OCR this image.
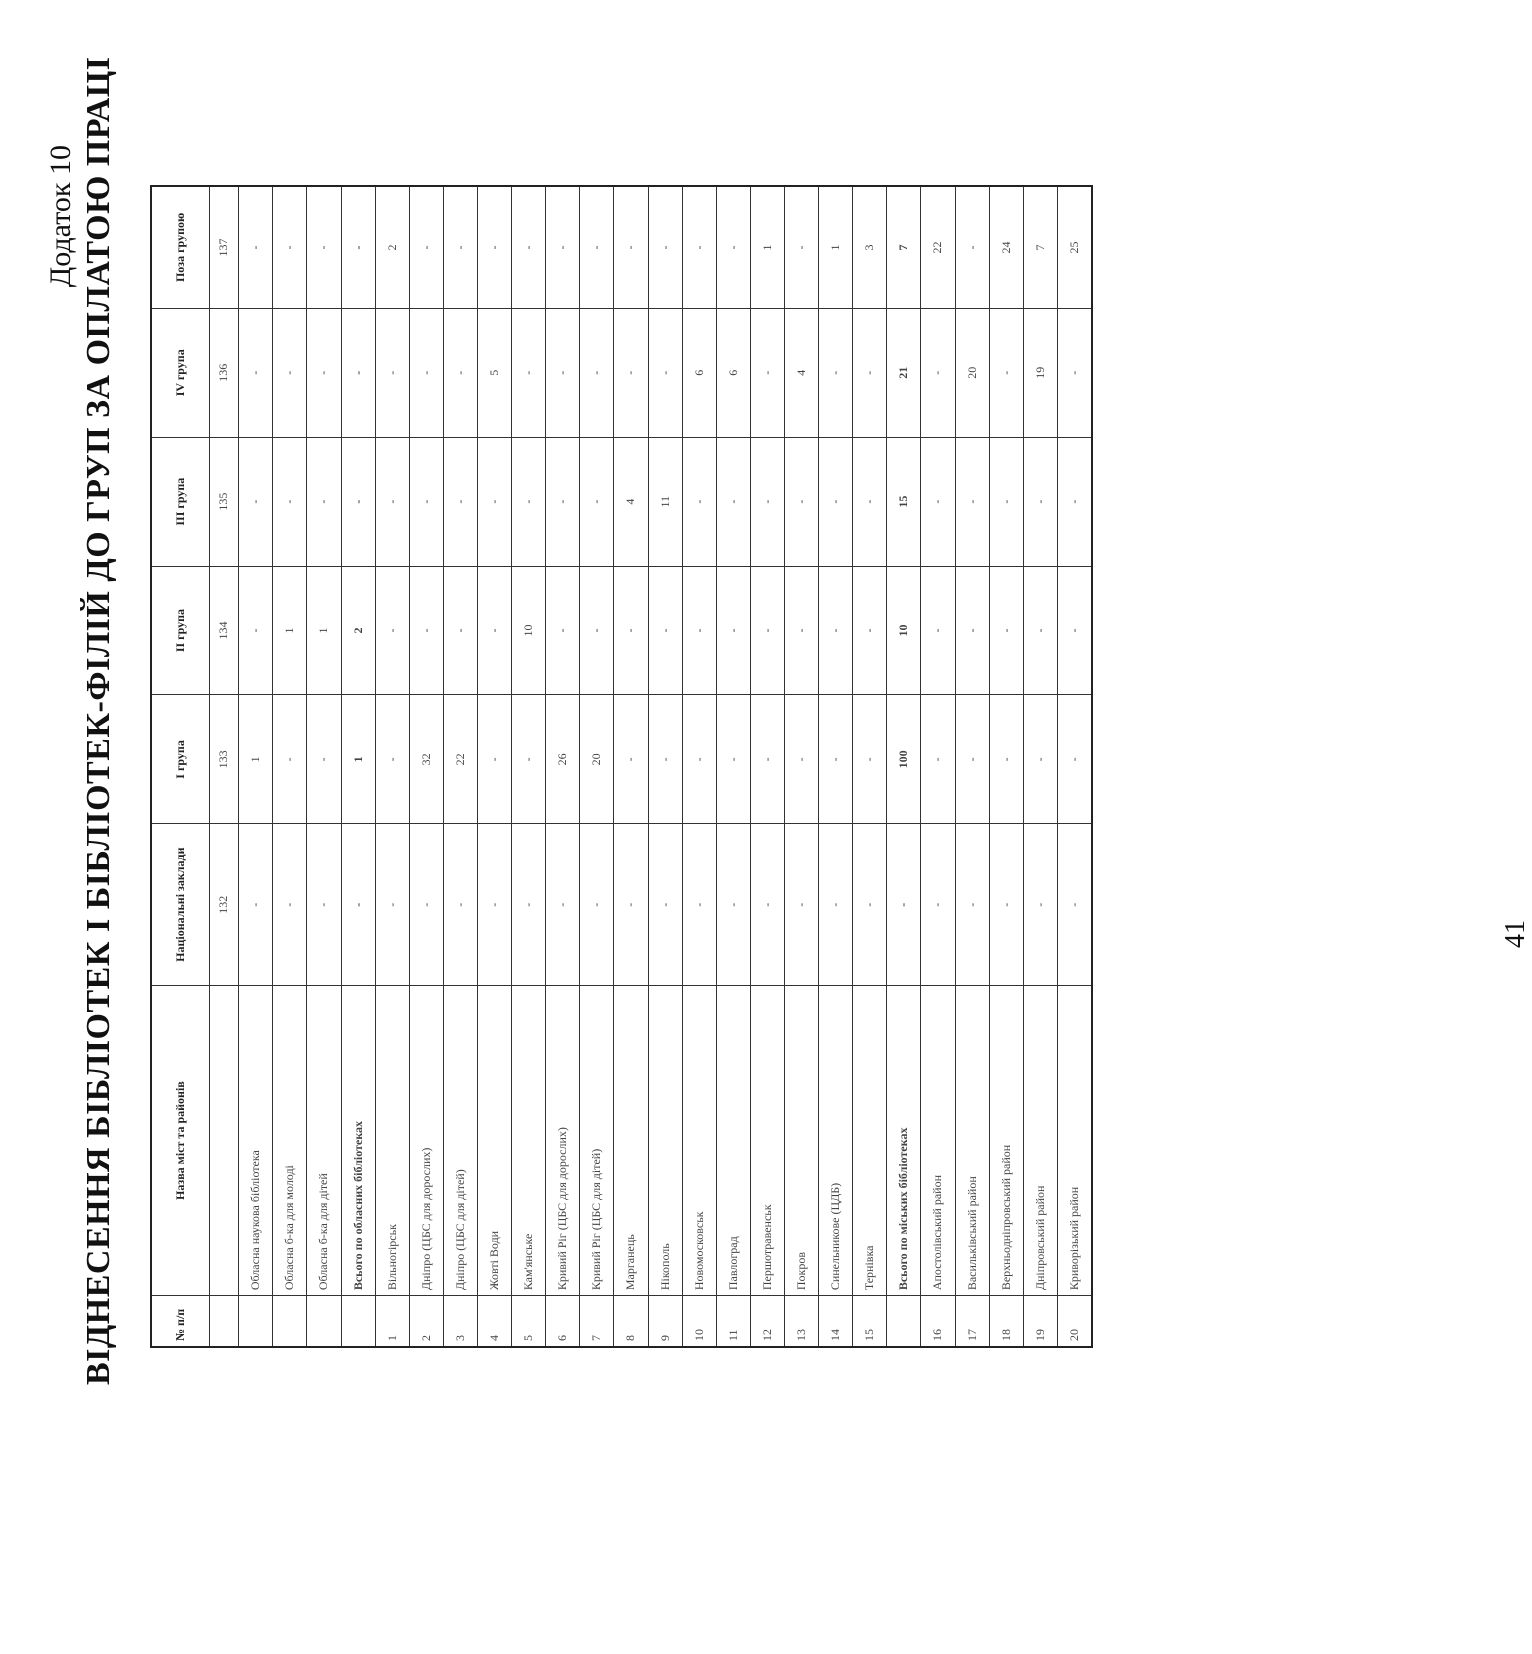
Додаток 10 ВІДНЕСЕННЯ БІБЛІОТЕК І БІБЛІОТЕК-ФІЛІЙ ДО ГРУП ЗА ОПЛАТОЮ ПРАЦІ	№ п/п	Назва міст та районів	Національні заклади	І група	ІІ група	ІІІ група	ІV група	Поза групою
		132	133	134	135	136	137
	Обласна наукова бібліотека	-	1	-	-	-	-
	Обласна б-ка для молоді	-	-	1	-	-	-
	Обласна б-ка для дітей	-	-	1	-	-	-
	Всього по обласних бібліотеках	-	1	2	-	-	-
1	Вільногірськ	-	-	-	-	-	2
2	Дніпро (ЦБС для дорослих)	-	32	-	-	-	-
3	Дніпро (ЦБС для дітей)	-	22	-	-	-	-
4	Жовті Води	-	-	-	-	5	-
5	Кам'янське	-	-	10	-	-	-
6	Кривий Ріг (ЦБС для дорослих)	-	26	-	-	-	-
7	Кривий Ріг (ЦБС для дітей)	-	20	-	-	-	-
8	Марганець	-	-	-	4	-	-
9	Нікополь	-	-	-	11	-	-
10	Новомосковськ	-	-	-	-	6	-
11	Павлоград	-	-	-	-	6	-
12	Першотравенськ	-	-	-	-	-	1
13	Покров	-	-	-	-	4	-
14	Синельникове (ЦДБ)	-	-	-	-	-	1
15	Тернівка	-	-	-	-	-	3
	Всього по міських бібліотеках	-	100	10	15	21	7
16	Апостолівський район	-	-	-	-	-	22
17	Васильківський район	-	-	-	-	20	-
18	Верхньодніпровський район	-	-	-	-	-	24
19	Дніпровський район	-	-	-	-	19	7
20	Криворізький район	-	-	-	-	-	25
41
